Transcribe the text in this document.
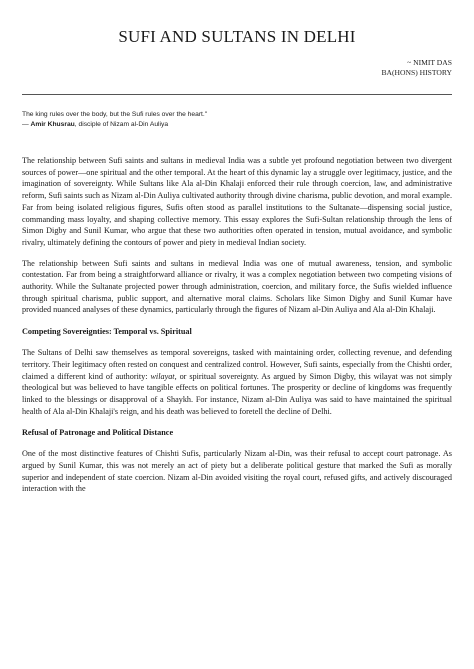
SUFI AND SULTANS IN DELHI
~ NIMIT DAS
BA(HONS) HISTORY
The king rules over the body, but the Sufi rules over the heart."
— Amir Khusrau, disciple of Nizam al-Din Auliya

The relationship between Sufi saints and sultans in medieval India was a subtle yet profound negotiation between two divergent sources of power—one spiritual and the other temporal. At the heart of this dynamic lay a struggle over legitimacy, justice, and the imagination of sovereignty. While Sultans like Ala al-Din Khalaji enforced their rule through coercion, law, and administrative reform, Sufi saints such as Nizam al-Din Auliya cultivated authority through divine charisma, public devotion, and moral example. Far from being isolated religious figures, Sufis often stood as parallel institutions to the Sultanate—dispensing social justice, commanding mass loyalty, and shaping collective memory. This essay explores the Sufi-Sultan relationship through the lens of Simon Digby and Sunil Kumar, who argue that these two authorities often operated in tension, mutual avoidance, and symbolic rivalry, ultimately defining the contours of power and piety in medieval Indian society.

The relationship between Sufi saints and sultans in medieval India was one of mutual awareness, tension, and symbolic contestation. Far from being a straightforward alliance or rivalry, it was a complex negotiation between two competing visions of authority. While the Sultanate projected power through administration, coercion, and military force, the Sufis wielded influence through spiritual charisma, public support, and alternative moral claims. Scholars like Simon Digby and Sunil Kumar have provided nuanced analyses of these dynamics, particularly through the figures of Nizam al-Din Auliya and Ala al-Din Khalaji.

Competing Sovereignties: Temporal vs. Spiritual

The Sultans of Delhi saw themselves as temporal sovereigns, tasked with maintaining order, collecting revenue, and defending territory. Their legitimacy often rested on conquest and centralized control. However, Sufi saints, especially from the Chishti order, claimed a different kind of authority: wilayat, or spiritual sovereignty. As argued by Simon Digby, this wilayat was not simply theological but was believed to have tangible effects on political fortunes. The prosperity or decline of kingdoms was frequently linked to the blessings or disapproval of a Shaykh. For instance, Nizam al-Din Auliya was said to have maintained the spiritual health of Ala al-Din Khalaji's reign, and his death was believed to foretell the decline of Delhi.

Refusal of Patronage and Political Distance

One of the most distinctive features of Chishti Sufis, particularly Nizam al-Din, was their refusal to accept court patronage. As argued by Sunil Kumar, this was not merely an act of piety but a deliberate political gesture that marked the Sufi as morally superior and independent of state coercion. Nizam al-Din avoided visiting the royal court, refused gifts, and actively discouraged interaction with the
